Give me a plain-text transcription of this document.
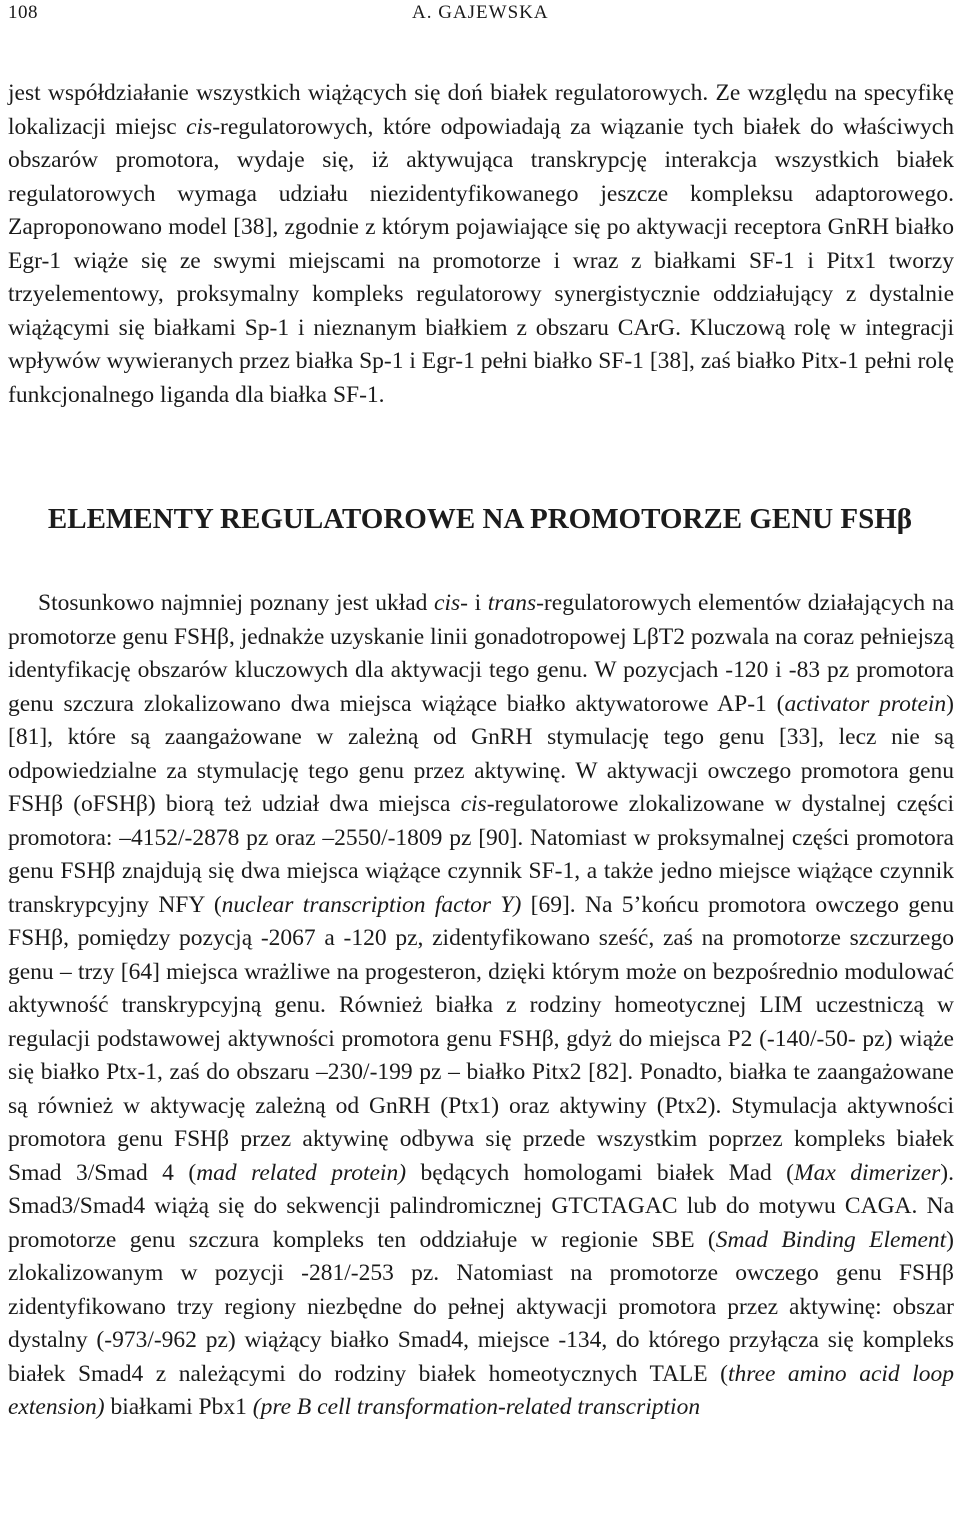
108	A. GAJEWSKA

jest współdziałanie wszystkich wiążących się doń białek regulatorowych. Ze względu na specyfikę lokalizacji miejsc cis-regulatorowych, które odpowiadają za wiązanie tych białek do właściwych obszarów promotora, wydaje się, iż aktywująca transkrypcję interakcja wszystkich białek regulatorowych wymaga udziału niezidentyfikowanego jeszcze kompleksu adaptorowego. Zaproponowano model [38], zgodnie z którym pojawiające się po aktywacji receptora GnRH białko Egr-1 wiąże się ze swymi miejscami na promotorze i wraz z białkami SF-1 i Pitx1 tworzy trzyelementowy, proksymalny kompleks regulatorowy synergistycznie oddziałujący z dystalnie wiążącymi się białkami Sp-1 i nieznanym białkiem z obszaru CArG. Kluczową rolę w integracji wpływów wywieranych przez białka Sp-1 i Egr-1 pełni białko SF-1 [38], zaś białko Pitx-1 pełni rolę funkcjonalnego liganda dla białka SF-1.

ELEMENTY REGULATOROWE NA PROMOTORZE GENU FSHβ

Stosunkowo najmniej poznany jest układ cis- i trans-regulatorowych elementów działających na promotorze genu FSHβ, jednakże uzyskanie linii gonadotropowej LβT2 pozwala na coraz pełniejszą identyfikację obszarów kluczowych dla aktywacji tego genu. W pozycjach -120 i -83 pz promotora genu szczura zlokalizowano dwa miejsca wiążące białko aktywatorowe AP-1 (activator protein) [81], które są zaangażowane w zależną od GnRH stymulację tego genu [33], lecz nie są odpowiedzialne za stymulację tego genu przez aktywinę. W aktywacji owczego promotora genu FSHβ (oFSHβ) biorą też udział dwa miejsca cis-regulatorowe zlokalizowane w dystalnej części promotora: –4152/-2878 pz oraz –2550/-1809 pz [90]. Natomiast w proksymalnej części promotora genu FSHβ znajdują się dwa miejsca wiążące czynnik SF-1, a także jedno miejsce wiążące czynnik transkrypcyjny NFY (nuclear transcription factor Y) [69]. Na 5’końcu promotora owczego genu FSHβ, pomiędzy pozycją -2067 a -120 pz, zidentyfikowano sześć, zaś na promotorze szczurzego genu – trzy [64] miejsca wrażliwe na progesteron, dzięki którym może on bezpośrednio modulować aktywność transkrypcyjną genu. Również białka z rodziny homeotycznej LIM uczestniczą w regulacji podstawowej aktywności promotora genu FSHβ, gdyż do miejsca P2 (-140/-50- pz) wiąże się białko Ptx-1, zaś do obszaru –230/-199 pz – białko Pitx2 [82]. Ponadto, białka te zaangażowane są również w aktywację zależną od GnRH (Ptx1) oraz aktywiny (Ptx2). Stymulacja aktywności promotora genu FSHβ przez aktywinę odbywa się przede wszystkim poprzez kompleks białek Smad 3/Smad 4 (mad related protein) będących homologami białek Mad (Max dimerizer). Smad3/Smad4 wiążą się do sekwencji palindromicznej GTCTAGAC lub do motywu CAGA. Na promotorze genu szczura kompleks ten oddziałuje w regionie SBE (Smad Binding Element) zlokalizowanym w pozycji -281/-253 pz. Natomiast na promotorze owczego genu FSHβ zidentyfikowano trzy regiony niezbędne do pełnej aktywacji promotora przez aktywinę: obszar dystalny (-973/-962 pz) wiążący białko Smad4, miejsce -134, do którego przyłącza się kompleks białek Smad4 z należącymi do rodziny białek homeotycznych TALE (three amino acid loop extension) białkami Pbx1 (pre B cell transformation-related transcription
